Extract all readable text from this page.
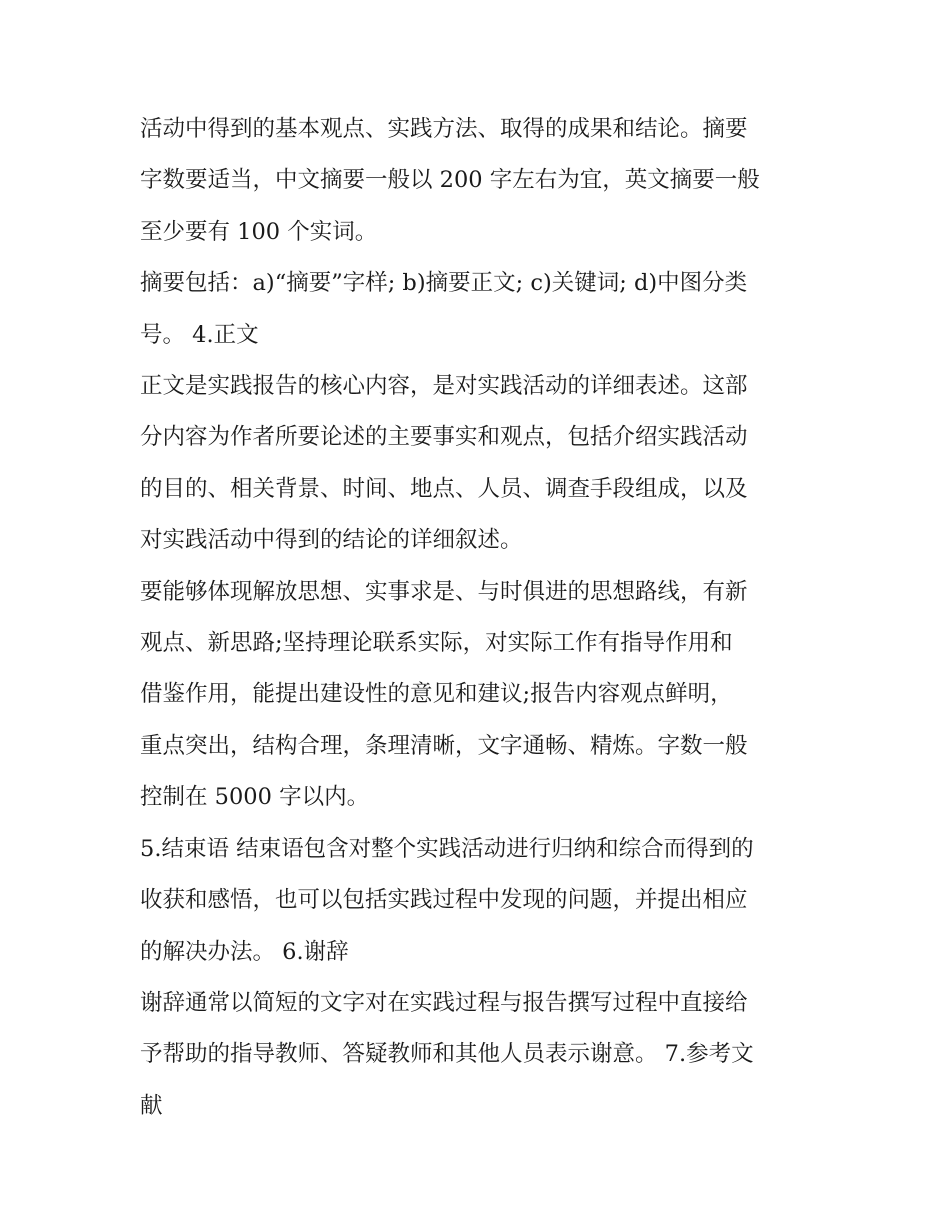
活动中得到的基本观点、实践方法、取得的成果和结论。摘要
字数要适当，中文摘要一般以 200 字左右为宜，英文摘要一般
至少要有 100 个实词。
摘要包括：a)“摘要”字样; b)摘要正文; c)关键词; d)中图分类
号。 4.正文
正文是实践报告的核心内容，是对实践活动的详细表述。这部
分内容为作者所要论述的主要事实和观点，包括介绍实践活动
的目的、相关背景、时间、地点、人员、调查手段组成，以及
对实践活动中得到的结论的详细叙述。
要能够体现解放思想、实事求是、与时俱进的思想路线，有新
观点、新思路;坚持理论联系实际，对实际工作有指导作用和
借鉴作用，能提出建设性的意见和建议;报告内容观点鲜明，
重点突出，结构合理，条理清晰，文字通畅、精炼。字数一般
控制在 5000 字以内。
5.结束语 结束语包含对整个实践活动进行归纳和综合而得到的
收获和感悟，也可以包括实践过程中发现的问题，并提出相应
的解决办法。 6.谢辞
谢辞通常以简短的文字对在实践过程与报告撰写过程中直接给
予帮助的指导教师、答疑教师和其他人员表示谢意。 7.参考文
献
